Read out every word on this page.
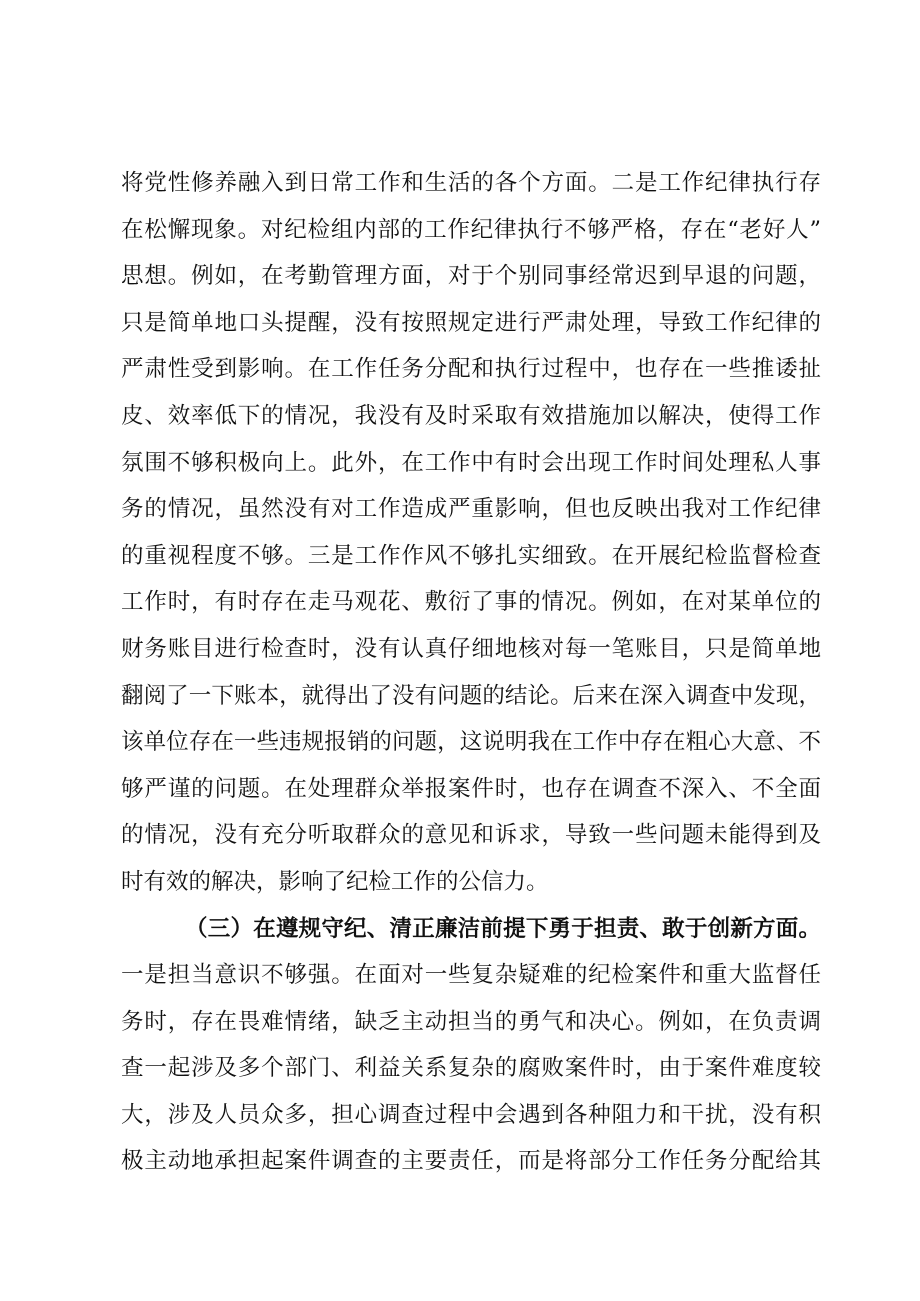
将党性修养融入到日常工作和生活的各个方面。二是工作纪律执行存
在松懈现象。对纪检组内部的工作纪律执行不够严格，存在“老好人”
思想。例如，在考勤管理方面，对于个别同事经常迟到早退的问题，
只是简单地口头提醒，没有按照规定进行严肃处理，导致工作纪律的
严肃性受到影响。在工作任务分配和执行过程中，也存在一些推诿扯
皮、效率低下的情况，我没有及时采取有效措施加以解决，使得工作
氛围不够积极向上。此外，在工作中有时会出现工作时间处理私人事
务的情况，虽然没有对工作造成严重影响，但也反映出我对工作纪律
的重视程度不够。三是工作作风不够扎实细致。在开展纪检监督检查
工作时，有时存在走马观花、敷衍了事的情况。例如，在对某单位的
财务账目进行检查时，没有认真仔细地核对每一笔账目，只是简单地
翻阅了一下账本，就得出了没有问题的结论。后来在深入调查中发现，
该单位存在一些违规报销的问题，这说明我在工作中存在粗心大意、不
够严谨的问题。在处理群众举报案件时，也存在调查不深入、不全面
的情况，没有充分听取群众的意见和诉求，导致一些问题未能得到及
时有效的解决，影响了纪检工作的公信力。
（三）在遵规守纪、清正廉洁前提下勇于担责、敢于创新方面。
一是担当意识不够强。在面对一些复杂疑难的纪检案件和重大监督任
务时，存在畏难情绪，缺乏主动担当的勇气和决心。例如，在负责调
查一起涉及多个部门、利益关系复杂的腐败案件时，由于案件难度较
大，涉及人员众多，担心调查过程中会遇到各种阻力和干扰，没有积
极主动地承担起案件调查的主要责任，而是将部分工作任务分配给其
